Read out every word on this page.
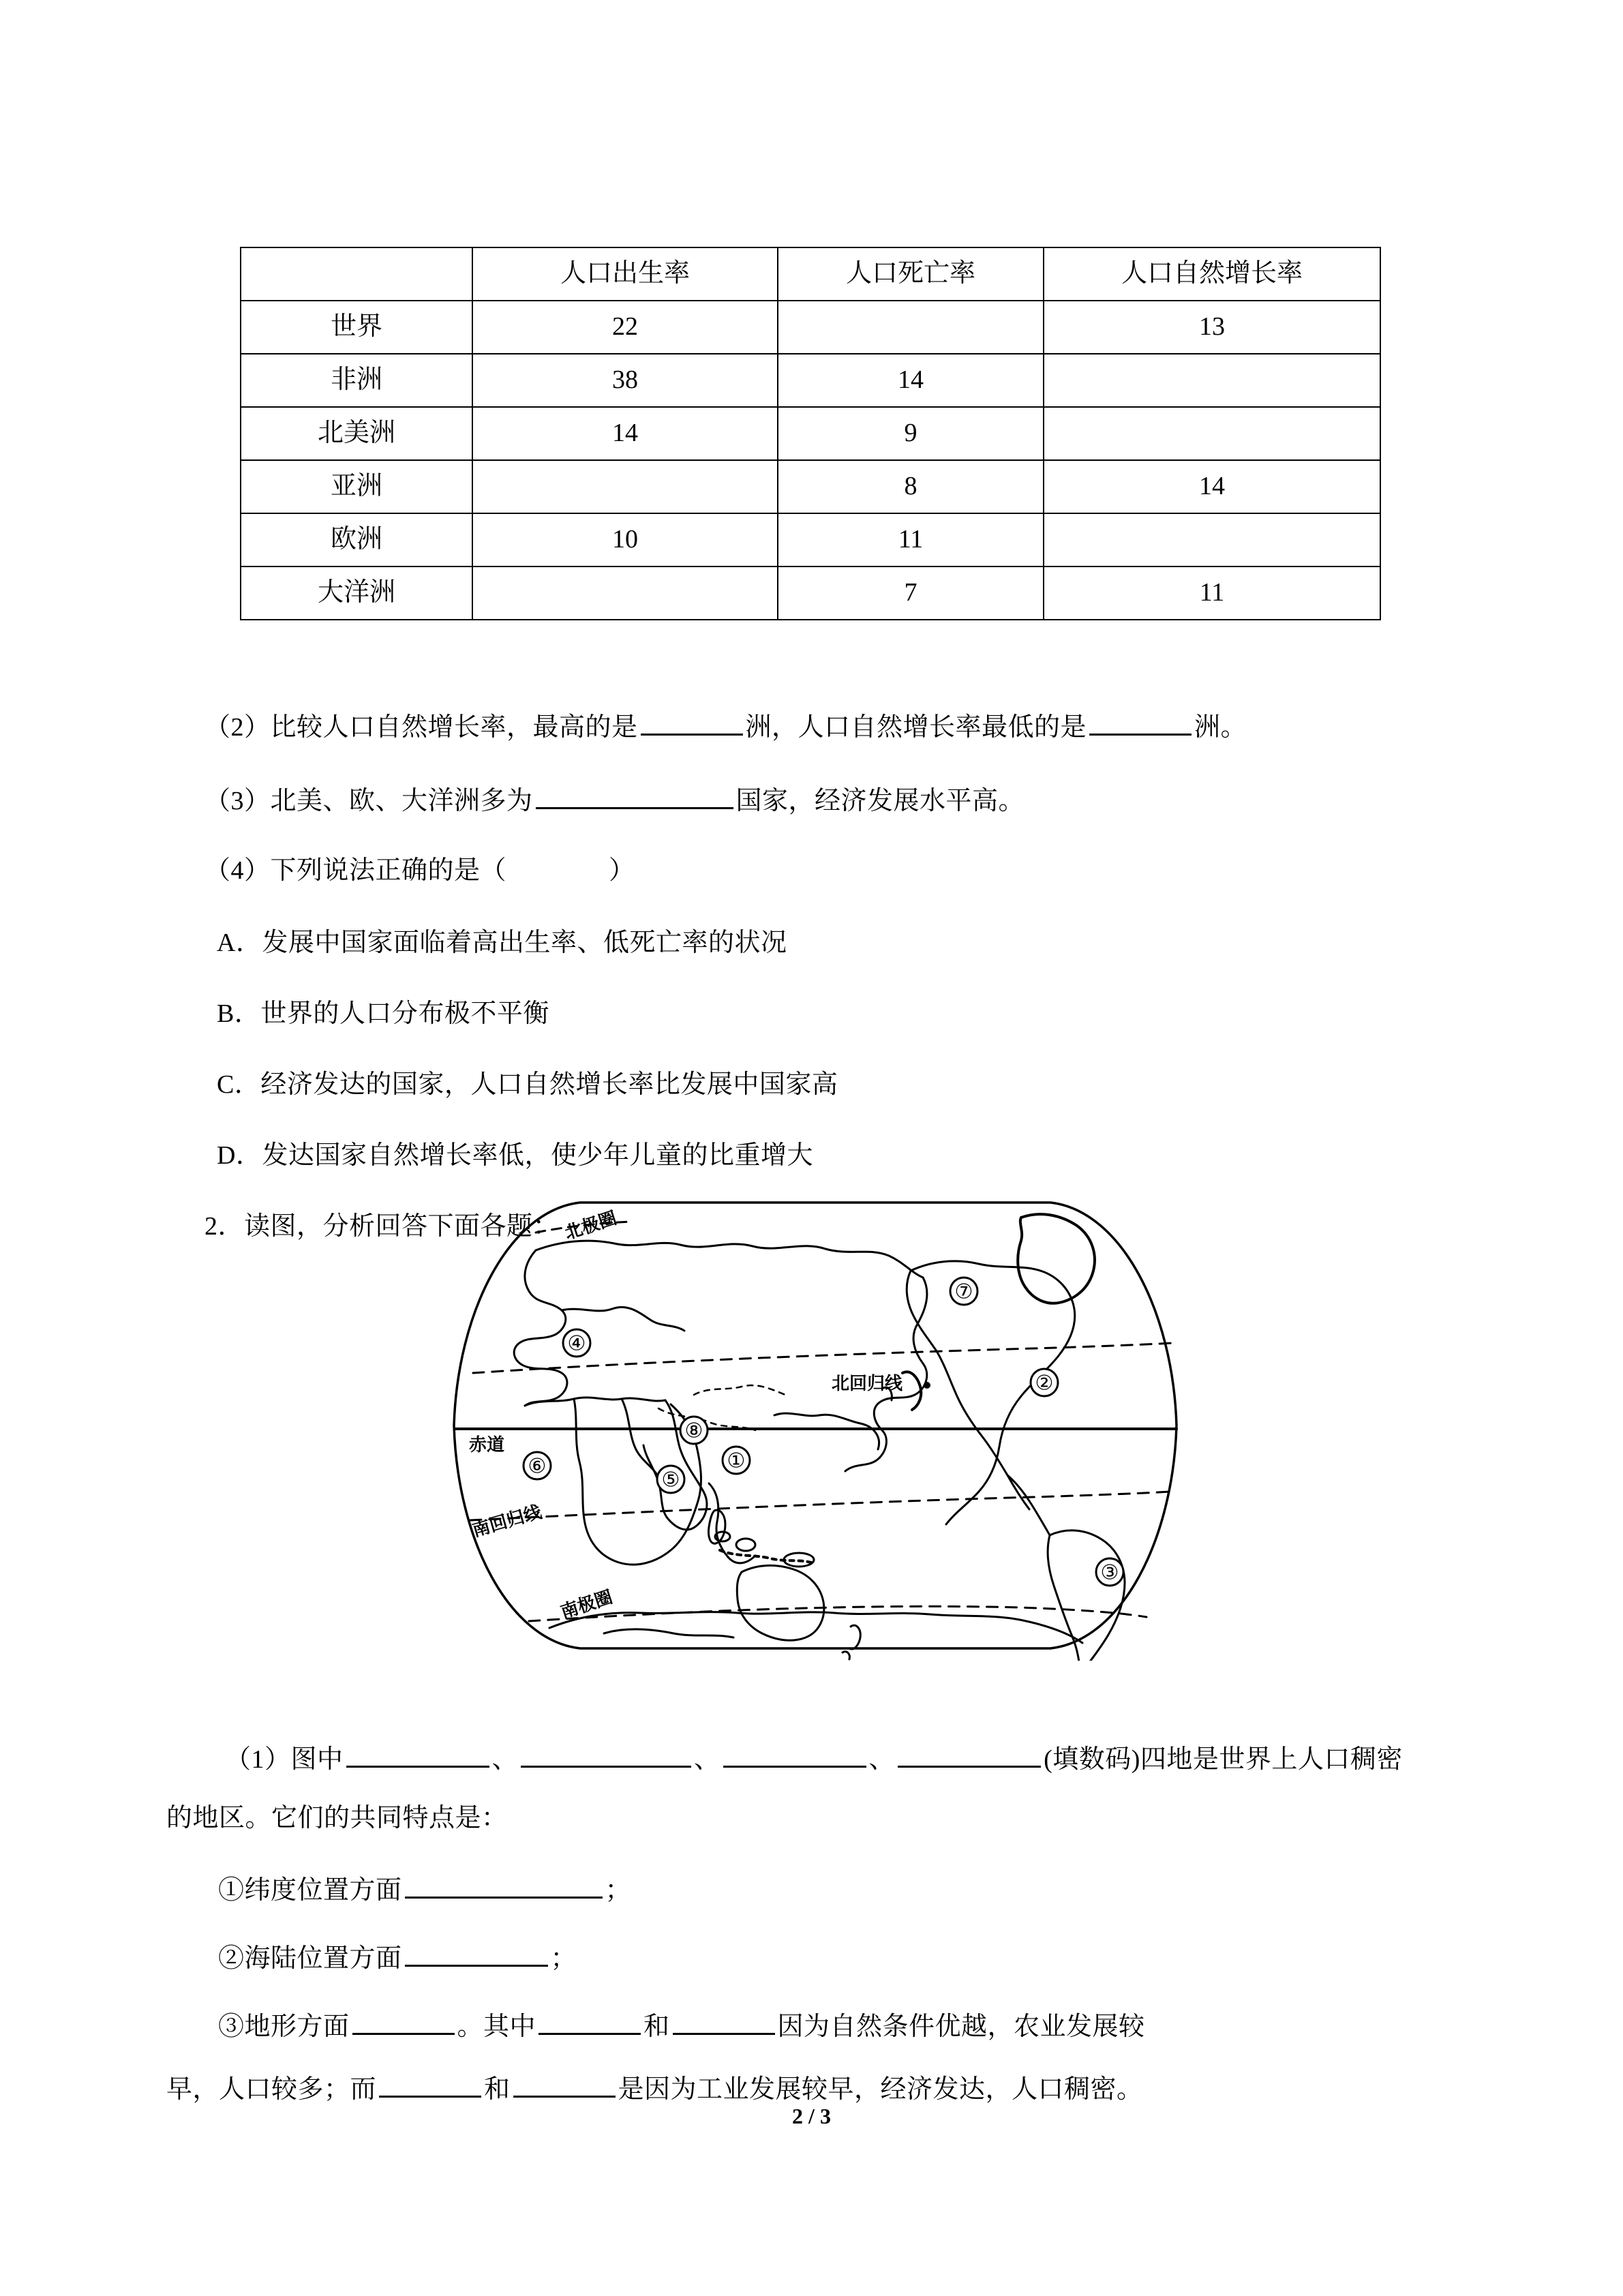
	人口出生率	人口死亡率	人口自然增长率
世界	22		13
非洲	38	14	
北美洲	14	9	
亚洲		8	14
欧洲	10	11	
大洋洲		7	11
（2）比较人口自然增长率，最高的是	洲，人口自然增长率最低的是	洲。
（3）北美、欧、大洋洲多为	国家，经济发展水平高。
（4）下列说法正确的是（	）
A．发展中国家面临着高出生率、低死亡率的状况
B．世界的人口分布极不平衡
C．经济发达的国家，人口自然增长率比发展中国家高
D．发达国家自然增长率低，使少年儿童的比重增大
2．读图，分析回答下面各题： 北极圈
北回归线
赤道
南回归线
南极圈
①
②
③
④
⑤
⑥
⑦
⑧
（1）图中	、	、	、	(填数码)四地是世界上人口稠密
的地区。它们的共同特点是：
①纬度位置方面	；
②海陆位置方面	；
③地形方面	。其中	和	因为自然条件优越，农业发展较
早，人口较多；而	和	是因为工业发展较早，经济发达，人口稠密。
2 / 3
